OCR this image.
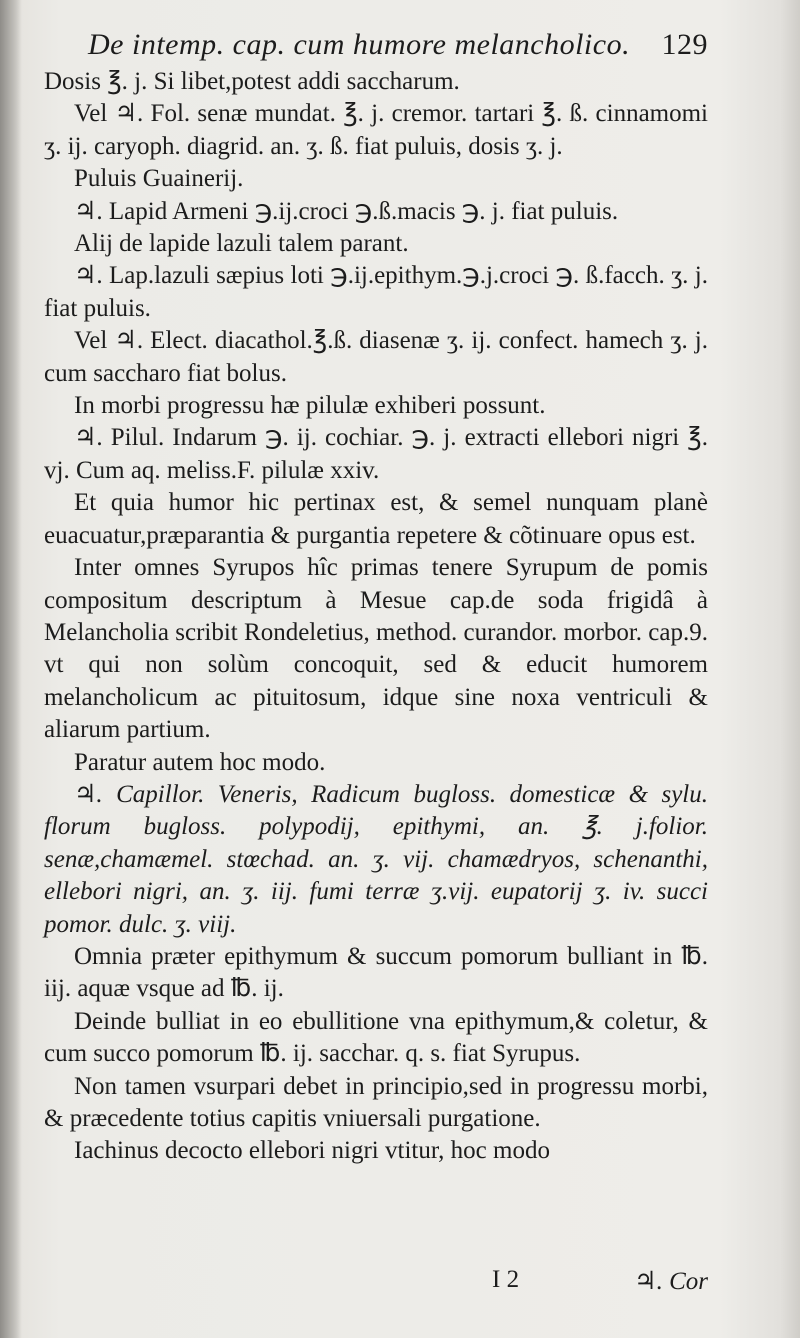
De intemp. cap. cum humore melancholico. 129

Dosis ℥. j. Si libet,potest addi saccharum.

Vel ♃. Fol. senæ mundat. ℥. j. cremor. tartari ℥. ß. cinnamomi ʒ. ij. caryoph. diagrid. an. ʒ. ß. fiat puluis, dosis ʒ. j.

Puluis Guainerij.

♃. Lapid Armeni ℈.ij.croci ℈.ß.macis ℈. j. fiat puluis.

Alij de lapide lazuli talem parant.

♃. Lap.lazuli sæpius loti ℈.ij.epithym.℈.j.croci ℈. ß.facch. ʒ. j. fiat puluis.

Vel ♃. Elect. diacathol.℥.ß. diasenæ ʒ. ij. confect. hamech ʒ. j. cum saccharo fiat bolus.

In morbi progressu hæ pilulæ exhiberi possunt.

♃. Pilul. Indarum ℈. ij. cochiar. ℈. j. extracti ellebori nigri ℥. vj. Cum aq. meliss.F. pilulæ xxiv.

Et quia humor hic pertinax est, & semel nunquam planè euacuatur,præparantia & purgantia repetere & cõtinuare opus est.

Inter omnes Syrupos hîc primas tenere Syrupum de pomis compositum descriptum à Mesue cap.de soda frigidâ à Melancholia scribit Rondeletius, method. curandor. morbor. cap.9. vt qui non solùm concoquit, sed & educit humorem melancholicum ac pituitosum, idque sine noxa ventriculi & aliarum partium.

Paratur autem hoc modo.

♃. Capillor. Veneris, Radicum bugloss. domesticæ & sylu. florum bugloss. polypodij, epithymi, an. ℥. j.folior. senæ,chamæmel. stœchad. an. ʒ. vij. chamædryos, schenanthi, ellebori nigri, an. ʒ. iij. fumi terræ ʒ.vij. eupatorij ʒ. iv. succi pomor. dulc. ʒ. viij.

Omnia præter epithymum & succum pomorum bulliant in ℔. iij. aquæ vsque ad ℔. ij.

Deinde bulliat in eo ebullitione vna epithymum,& coletur, & cum succo pomorum ℔. ij. sacchar. q. s. fiat Syrupus.

Non tamen vsurpari debet in principio,sed in progressu morbi, & præcedente totius capitis vniuersali purgatione.

Iachinus decocto ellebori nigri vtitur, hoc modo

I 2	♃. Cor
